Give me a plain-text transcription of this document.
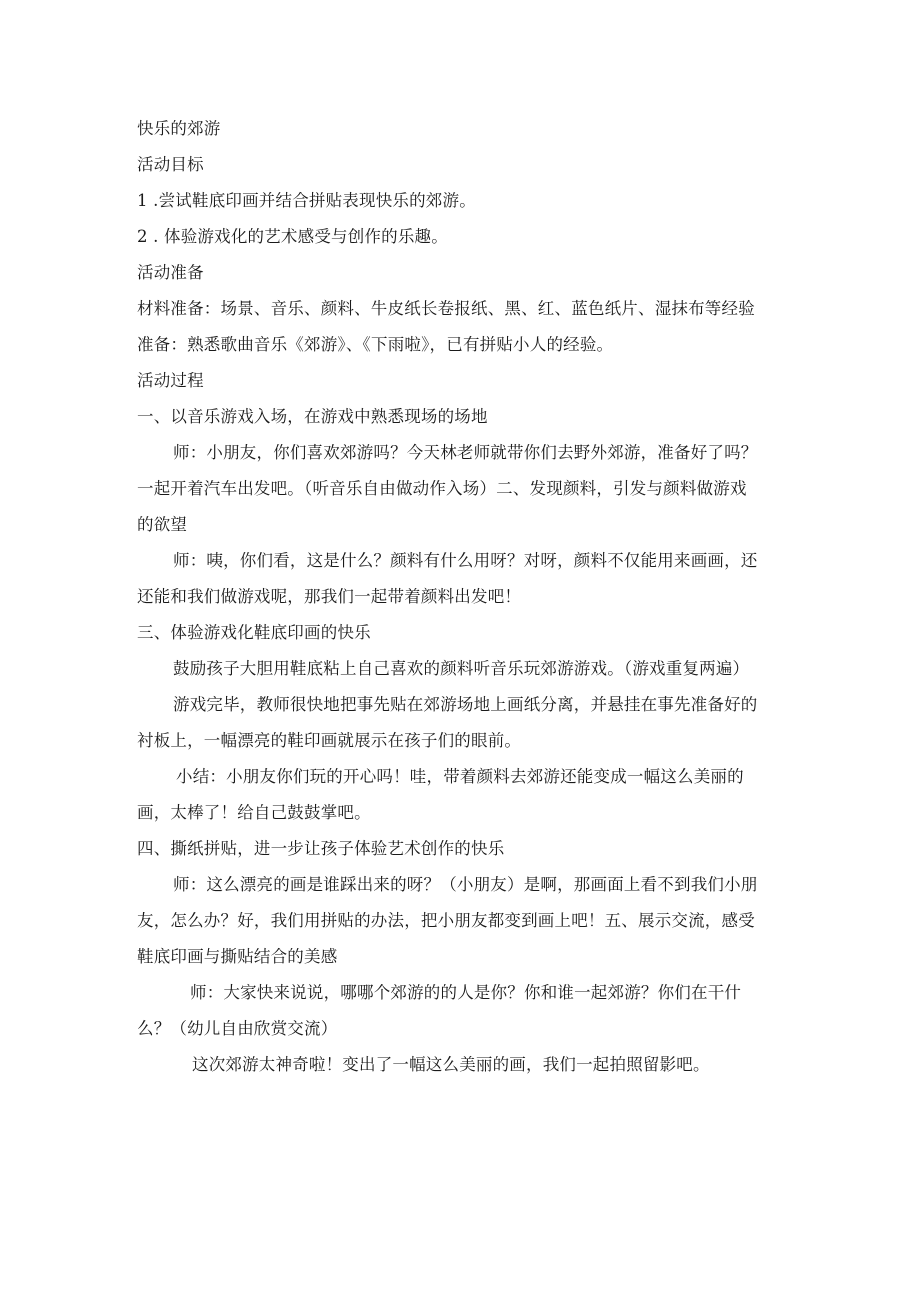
快乐的郊游
活动目标
1 .尝试鞋底印画并结合拼贴表现快乐的郊游。
2 . 体验游戏化的艺术感受与创作的乐趣。
活动准备
材料准备：场景、音乐、颜料、牛皮纸长卷报纸、黑、红、蓝色纸片、湿抹布等经验
准备：熟悉歌曲音乐《郊游》、《下雨啦》，已有拼贴小人的经验。
活动过程
一、以音乐游戏入场，在游戏中熟悉现场的场地
师：小朋友，你们喜欢郊游吗？今天林老师就带你们去野外郊游，准备好了吗？
一起开着汽车出发吧。（听音乐自由做动作入场）二、发现颜料，引发与颜料做游戏
的欲望
师：咦，你们看，这是什么？颜料有什么用呀？对呀，颜料不仅能用来画画，还
还能和我们做游戏呢，那我们一起带着颜料出发吧！
三、体验游戏化鞋底印画的快乐
鼓励孩子大胆用鞋底粘上自己喜欢的颜料听音乐玩郊游游戏。（游戏重复两遍）
游戏完毕，教师很快地把事先贴在郊游场地上画纸分离，并悬挂在事先准备好的
衬板上，一幅漂亮的鞋印画就展示在孩子们的眼前。
小结：小朋友你们玩的开心吗！哇，带着颜料去郊游还能变成一幅这么美丽的
画，太棒了！给自己鼓鼓掌吧。
四、撕纸拼贴，进一步让孩子体验艺术创作的快乐
师：这么漂亮的画是谁踩出来的呀？（小朋友）是啊，那画面上看不到我们小朋
友，怎么办？好，我们用拼贴的办法，把小朋友都变到画上吧！五、展示交流，感受
鞋底印画与撕贴结合的美感
师：大家快来说说，哪哪个郊游的的人是你？你和谁一起郊游？你们在干什
么？（幼儿自由欣赏交流）
这次郊游太神奇啦！变出了一幅这么美丽的画，我们一起拍照留影吧。
